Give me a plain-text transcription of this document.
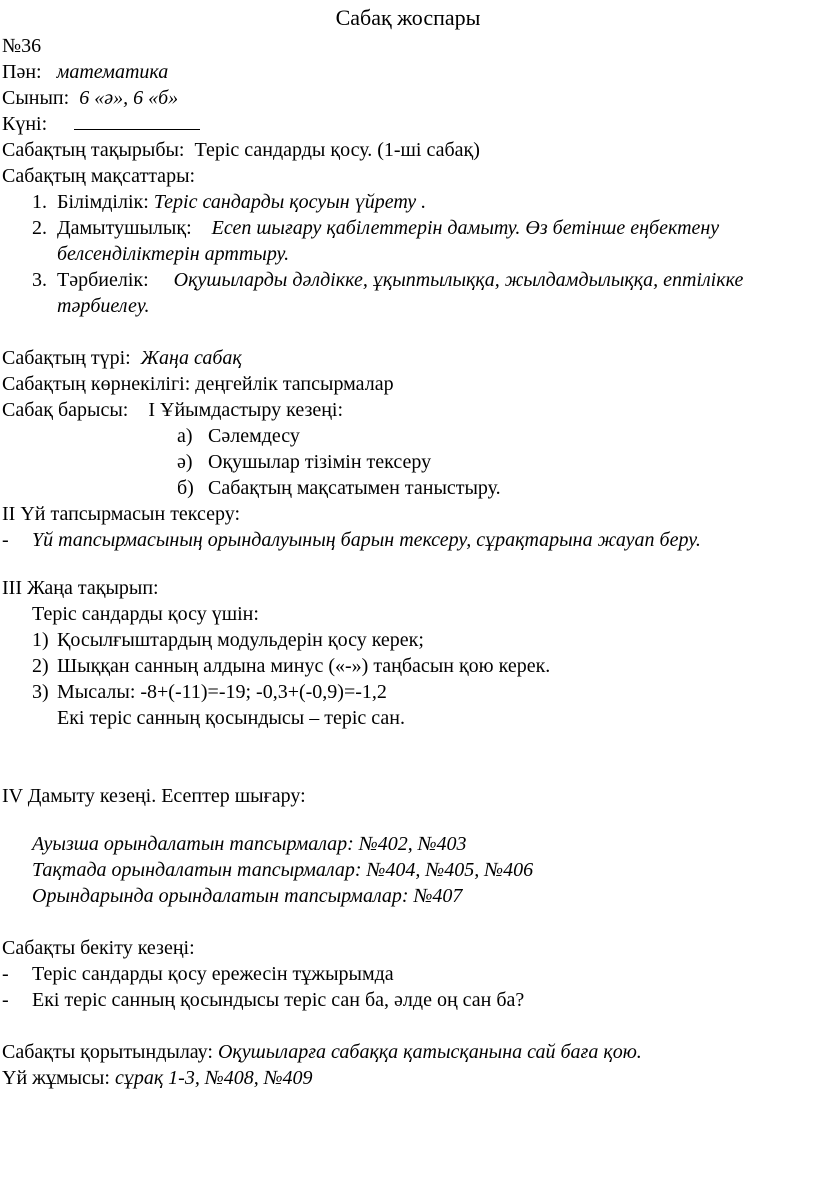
Сабақ жоспары
№36
Пән: математика
Сынып: 6 «ә», 6 «б»
Күні:
Сабақтың тақырыбы: Теріс сандарды қосу. (1-ші сабақ)
Сабақтың мақсаттары:
1. Білімділік: Теріс сандарды қосуын үйрету .
2. Дамытушылық: Есеп шығару қабілеттерін дамыту. Өз бетінше еңбектену
белсенділіктерін арттыру.
3. Тәрбиелік: Оқушыларды дәлдікке, ұқыптылыққа, жылдамдылыққа, ептілікке
тәрбиелеу.
Сабақтың түрі: Жаңа сабақ
Сабақтың көрнекілігі: деңгейлік тапсырмалар
Сабақ барысы: I Ұйымдастыру кезеңі:
а) Сәлемдесу
ә) Оқушылар тізімін тексеру
б) Сабақтың мақсатымен таныстыру.
II Үй тапсырмасын тексеру:
- Үй тапсырмасының орындалуының барын тексеру, сұрақтарына жауап беру.
III Жаңа тақырып:
Теріс сандарды қосу үшін:
1) Қосылғыштардың модульдерін қосу керек;
2) Шыққан санның алдына минус («-») таңбасын қою керек.
3) Мысалы: -8+(-11)=-19; -0,3+(-0,9)=-1,2
Екі теріс санның қосындысы – теріс сан.
IV Дамыту кезеңі. Есептер шығару:
Ауызша орындалатын тапсырмалар: №402, №403
Тақтада орындалатын тапсырмалар: №404, №405, №406
Орындарында орындалатын тапсырмалар: №407
Сабақты бекіту кезеңі:
- Теріс сандарды қосу ережесін тұжырымда
- Екі теріс санның қосындысы теріс сан ба, әлде оң сан ба?
Сабақты қорытындылау: Оқушыларға сабаққа қатысқанына сай баға қою.
Үй жұмысы: сұрақ 1-3, №408, №409
